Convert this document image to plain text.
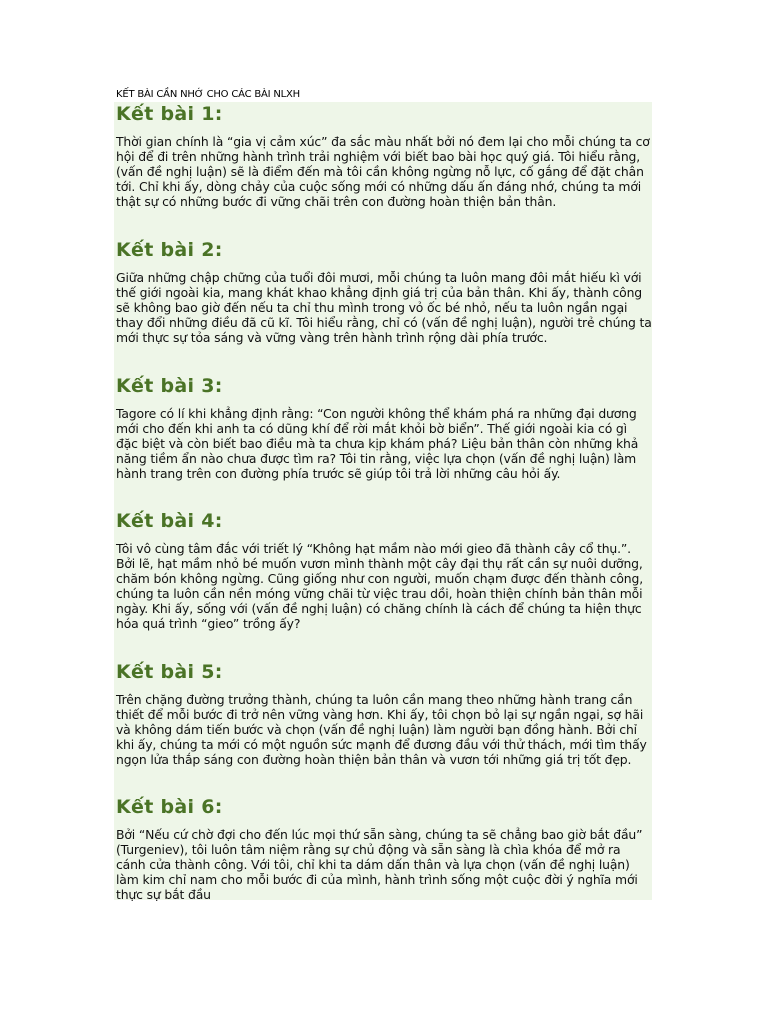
KẾT BÀI CẦN NHỚ CHO CÁC BÀI NLXH
Kết bài 1:

Thời gian chính là “gia vị cảm xúc” đa sắc màu nhất bởi nó đem lại cho mỗi chúng ta cơ hội để đi trên những hành trình trải nghiệm với biết bao bài học quý giá. Tôi hiểu rằng, (vấn đề nghị luận) sẽ là điểm đến mà tôi cần không ngừng nỗ lực, cố gắng để đặt chân tới. Chỉ khi ấy, dòng chảy của cuộc sống mới có những dấu ấn đáng nhớ, chúng ta mới thật sự có những bước đi vững chãi trên con đường hoàn thiện bản thân.

Kết bài 2:

Giữa những chập chững của tuổi đôi mươi, mỗi chúng ta luôn mang đôi mắt hiếu kì với thế giới ngoài kia, mang khát khao khẳng định giá trị của bản thân. Khi ấy, thành công sẽ không bao giờ đến nếu ta chỉ thu mình trong vỏ ốc bé nhỏ, nếu ta luôn ngần ngại thay đổi những điều đã cũ kĩ. Tôi hiểu rằng, chỉ có (vấn đề nghị luận), người trẻ chúng ta mới thực sự tỏa sáng và vững vàng trên hành trình rộng dài phía trước.

Kết bài 3:

Tagore có lí khi khẳng định rằng: “Con người không thể khám phá ra những đại dương mới cho đến khi anh ta có dũng khí để rời mắt khỏi bờ biển”. Thế giới ngoài kia có gì đặc biệt và còn biết bao điều mà ta chưa kịp khám phá? Liệu bản thân còn những khả năng tiềm ẩn nào chưa được tìm ra? Tôi tin rằng, việc lựa chọn (vấn đề nghị luận) làm hành trang trên con đường phía trước sẽ giúp tôi trả lời những câu hỏi ấy.

Kết bài 4:

Tôi vô cùng tâm đắc với triết lý “Không hạt mầm nào mới gieo đã thành cây cổ thụ.”. Bởi lẽ, hạt mầm nhỏ bé muốn vươn mình thành một cây đại thụ rất cần sự nuôi dưỡng, chăm bón không ngừng. Cũng giống như con người, muốn chạm được đến thành công, chúng ta luôn cần nền móng vững chãi từ việc trau dồi, hoàn thiện chính bản thân mỗi ngày. Khi ấy, sống với (vấn đề nghị luận) có chăng chính là cách để chúng ta hiện thực hóa quá trình “gieo” trồng ấy?

Kết bài 5:

Trên chặng đường trưởng thành, chúng ta luôn cần mang theo những hành trang cần thiết để mỗi bước đi trở nên vững vàng hơn. Khi ấy, tôi chọn bỏ lại sự ngần ngại, sợ hãi và không dám tiến bước và chọn (vấn đề nghị luận) làm người bạn đồng hành. Bởi chỉ khi ấy, chúng ta mới có một nguồn sức mạnh để đương đầu với thử thách, mới tìm thấy ngọn lửa thắp sáng con đường hoàn thiện bản thân và vươn tới những giá trị tốt đẹp.

Kết bài 6:

Bởi “Nếu cứ chờ đợi cho đến lúc mọi thứ sẵn sàng, chúng ta sẽ chẳng bao giờ bắt đầu” (Turgeniev), tôi luôn tâm niệm rằng sự chủ động và sẵn sàng là chìa khóa để mở ra cánh cửa thành công. Với tôi, chỉ khi ta dám dấn thân và lựa chọn (vấn đề nghị luận) làm kim chỉ nam cho mỗi bước đi của mình, hành trình sống một cuộc đời ý nghĩa mới thực sự bắt đầu
